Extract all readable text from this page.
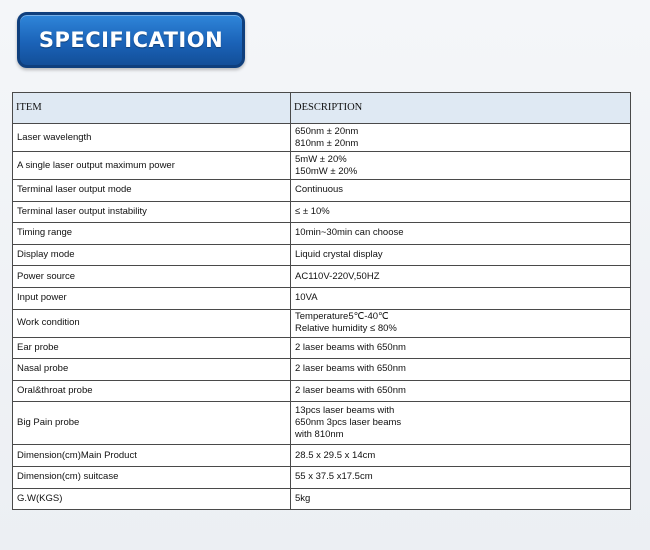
SPECIFICATION
ITEM	DESCRIPTION
Laser wavelength	650nm ± 20nm
810nm ± 20nm

A single laser output maximum power	5mW ± 20%
150mW ± 20%

Terminal laser output mode	Continuous

Terminal laser output instability	≤ ± 10%

Timing range	10min~30min can choose

Display mode	Liquid crystal display

Power source	AC110V-220V,50HZ

Input power	10VA

Work condition	Temperature5℃-40℃
Relative humidity ≤ 80%

Ear probe	2 laser beams with 650nm

Nasal probe	2 laser beams with 650nm

Oral&throat probe	2 laser beams with 650nm

Big Pain probe	13pcs laser beams with
650nm 3pcs laser beams
with 810nm

Dimension(cm)Main Product	28.5 x 29.5 x 14cm

Dimension(cm) suitcase	55 x 37.5 x17.5cm

G.W(KGS)	5kg
